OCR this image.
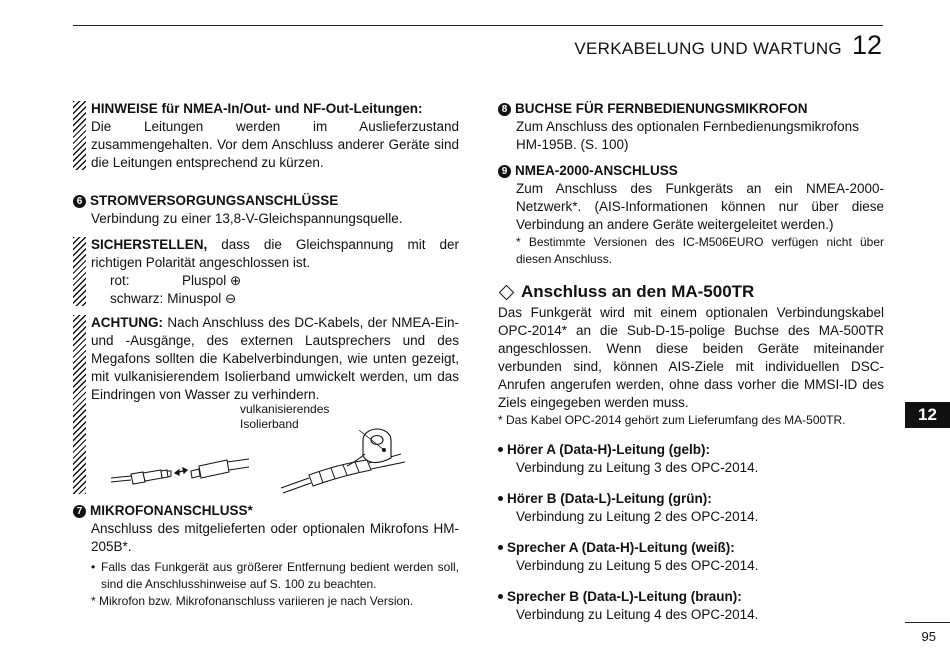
VERKABELUNG UND WARTUNG 12
12
95

HINWEISE für NMEA-In/Out- und NF-Out-Leitungen:

Die Leitungen werden im Auslieferzustand zusammengehalten. Vor dem Anschluss anderer Geräte sind die Leitungen entsprechend zu kürzen.

6 STROMVERSORGUNGSANSCHLÜSSE

Verbindung zu einer 13,8-V-Gleichspannungsquelle.

SICHERSTELLEN, dass die Gleichspannung mit der richtigen Polarität angeschlossen ist.

rot:	Pluspol ⊕
schwarz: Minuspol ⊖

ACHTUNG: Nach Anschluss des DC-Kabels, der NMEA-Ein- und -Ausgänge, des externen Lautsprechers und des Megafons sollten die Kabelverbindungen, wie unten gezeigt, mit vulkanisierendem Isolierband umwickelt werden, um das Eindringen von Wasser zu verhindern.

7 MIKROFONANSCHLUSS*

Anschluss des mitgelieferten oder optionalen Mikrofons HM-205B*.

• Falls das Funkgerät aus größerer Entfernung bedient werden soll, sind die Anschlusshinweise auf S. 100 zu beachten.
* Mikrofon bzw. Mikrofonanschluss variieren je nach Version.
vulkanisierendes
Isolierband
8 BUCHSE FÜR FERNBEDIENUNGSMIKROFON

Zum Anschluss des optionalen Fernbedienungsmikrofons HM-195B. (S. 100)

9 NMEA-2000-ANSCHLUSS

Zum Anschluss des Funkgeräts an ein NMEA-2000-Netzwerk*. (AIS-Informationen können nur über diese Verbindung an andere Geräte weitergeleitet werden.)

* Bestimmte Versionen des IC-M506EURO verfügen nicht über diesen Anschluss.
Anschluss an den MA-500TR

Das Funkgerät wird mit einem optionalen Verbindungskabel OPC-2014* an die Sub-D-15-polige Buchse des MA-500TR angeschlossen. Wenn diese beiden Geräte miteinander verbunden sind, können AIS-Ziele mit individuellen DSC-Anrufen angerufen werden, ohne dass vorher die MMSI-ID des Ziels eingegeben werden muss.

* Das Kabel OPC-2014 gehört zum Lieferumfang des MA-500TR.
Hörer A (Data-H)-Leitung (gelb):

Verbindung zu Leitung 3 des OPC-2014.

Hörer B (Data-L)-Leitung (grün):

Verbindung zu Leitung 2 des OPC-2014.

Sprecher A (Data-H)-Leitung (weiß):

Verbindung zu Leitung 5 des OPC-2014.

Sprecher B (Data-L)-Leitung (braun):

Verbindung zu Leitung 4 des OPC-2014.
